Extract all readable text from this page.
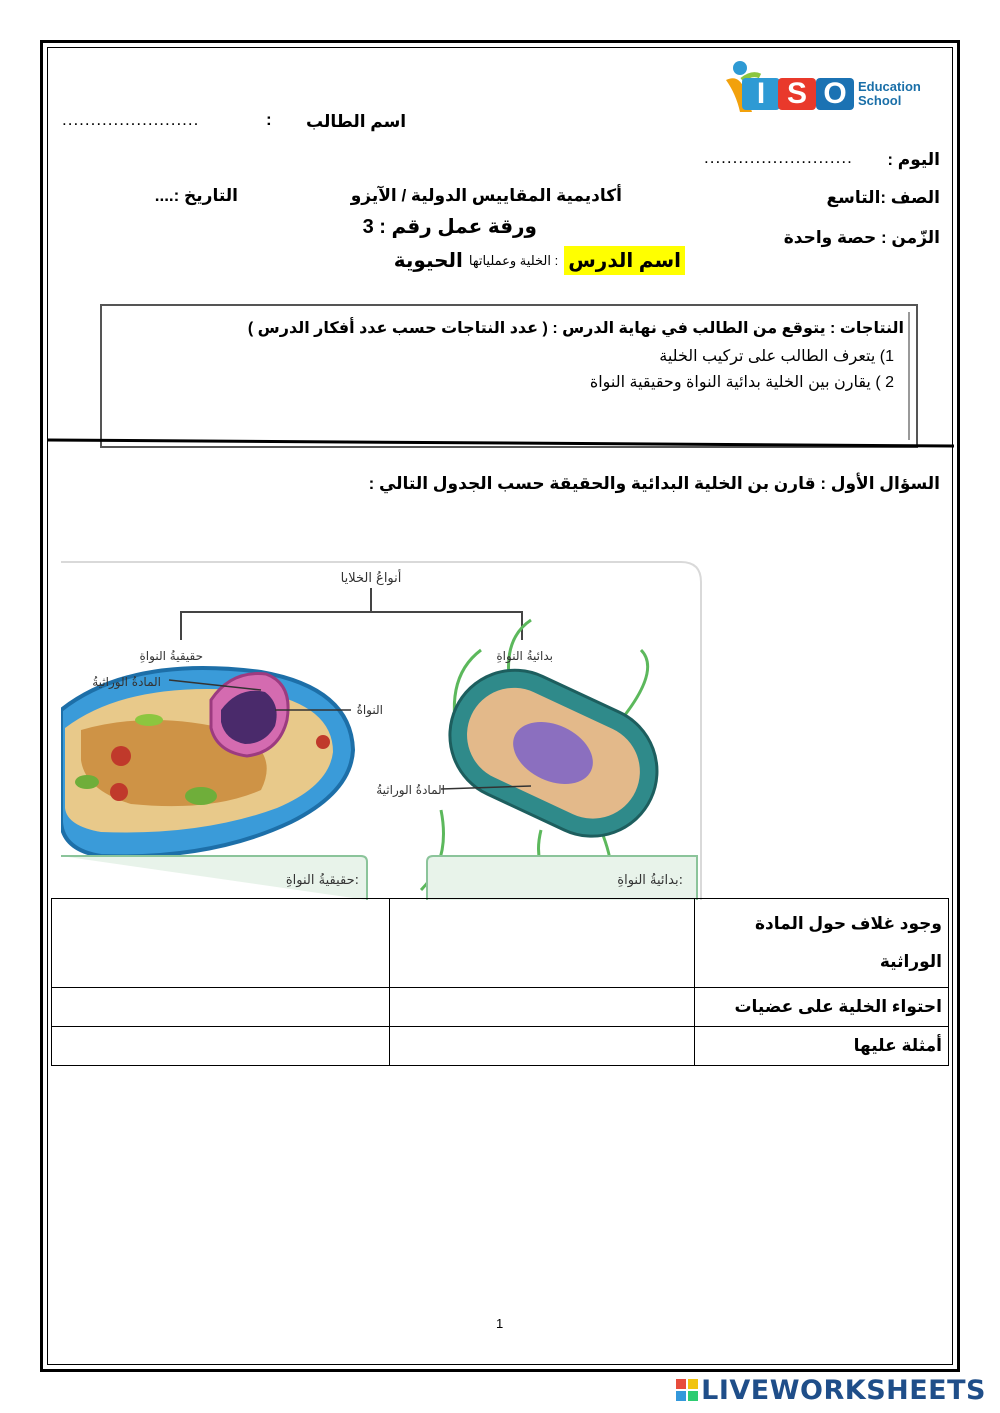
I S O Education
School
اسم الطالب
:
........................
اليوم :
..........................
الصف :التاسع
أكاديمية المقاييس الدولية / الآيزو
التاريخ :....
ورقة عمل رقم : 3	الزّمن : حصة واحدة
اسم الدرس
: الخلية وعملياتها
الحيوية
النتاجات : يتوقع من الطالب في نهاية الدرس : ( عدد النتاجات حسب عدد أفكار الدرس )
1) يتعرف الطالب على تركيب الخلية
2 ) يقارن بين الخلية بدائية النواة وحقيقية النواة
السؤال الأول : قارن بن الخلية البدائية والحقيقة حسب الجدول التالي :
أنواعُ الخلايا
حقيقيةُ النواةِ	بدائيةُ النواةِ
المادةُ الوراثيةُ
النواةُ
المادةُ الوراثيةُ
حقيقيةُ النواةِ:	بدائيةُ النواةِ:
وجود غلاف حول المادة الوراثية		
احتواء الخلية على عضيات		
أمثلة عليها		
1
LIVEWORKSHEETS
